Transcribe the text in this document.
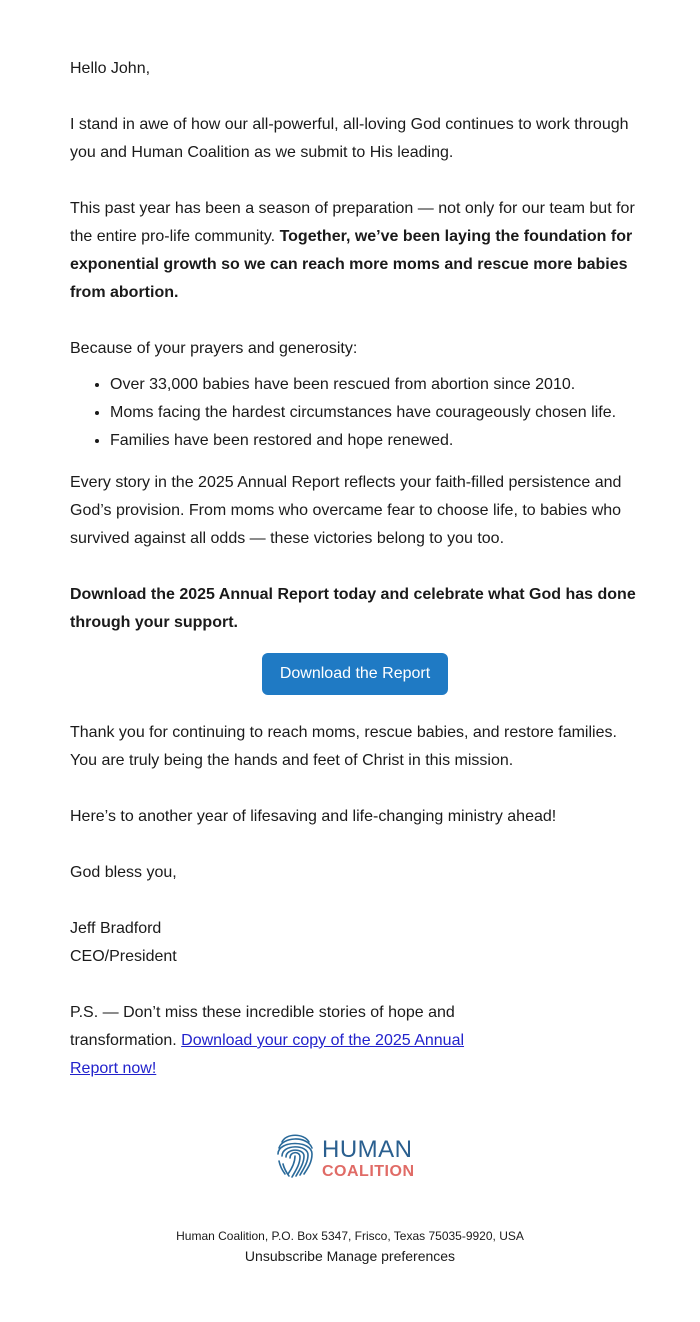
Hello John,

I stand in awe of how our all-powerful, all-loving God continues to work through you and Human Coalition as we submit to His leading.

This past year has been a season of preparation — not only for our team but for the entire pro-life community. Together, we’ve been laying the foundation for exponential growth so we can reach more moms and rescue more babies from abortion.

Because of your prayers and generosity:

• Over 33,000 babies have been rescued from abortion since 2010.
• Moms facing the hardest circumstances have courageously chosen life.
• Families have been restored and hope renewed.

Every story in the 2025 Annual Report reflects your faith-filled persistence and God’s provision. From moms who overcame fear to choose life, to babies who survived against all odds — these victories belong to you too.

Download the 2025 Annual Report today and celebrate what God has done through your support.

Download the Report

Thank you for continuing to reach moms, rescue babies, and restore families. You are truly being the hands and feet of Christ in this mission.

Here’s to another year of lifesaving and life-changing ministry ahead!

God bless you,

Jeff Bradford
CEO/President

P.S. — Don’t miss these incredible stories of hope and transformation. Download your copy of the 2025 Annual Report now!

HUMAN
COALITION
Human Coalition, P.O. Box 5347, Frisco, Texas 75035-9920, USA
Unsubscribe Manage preferences
